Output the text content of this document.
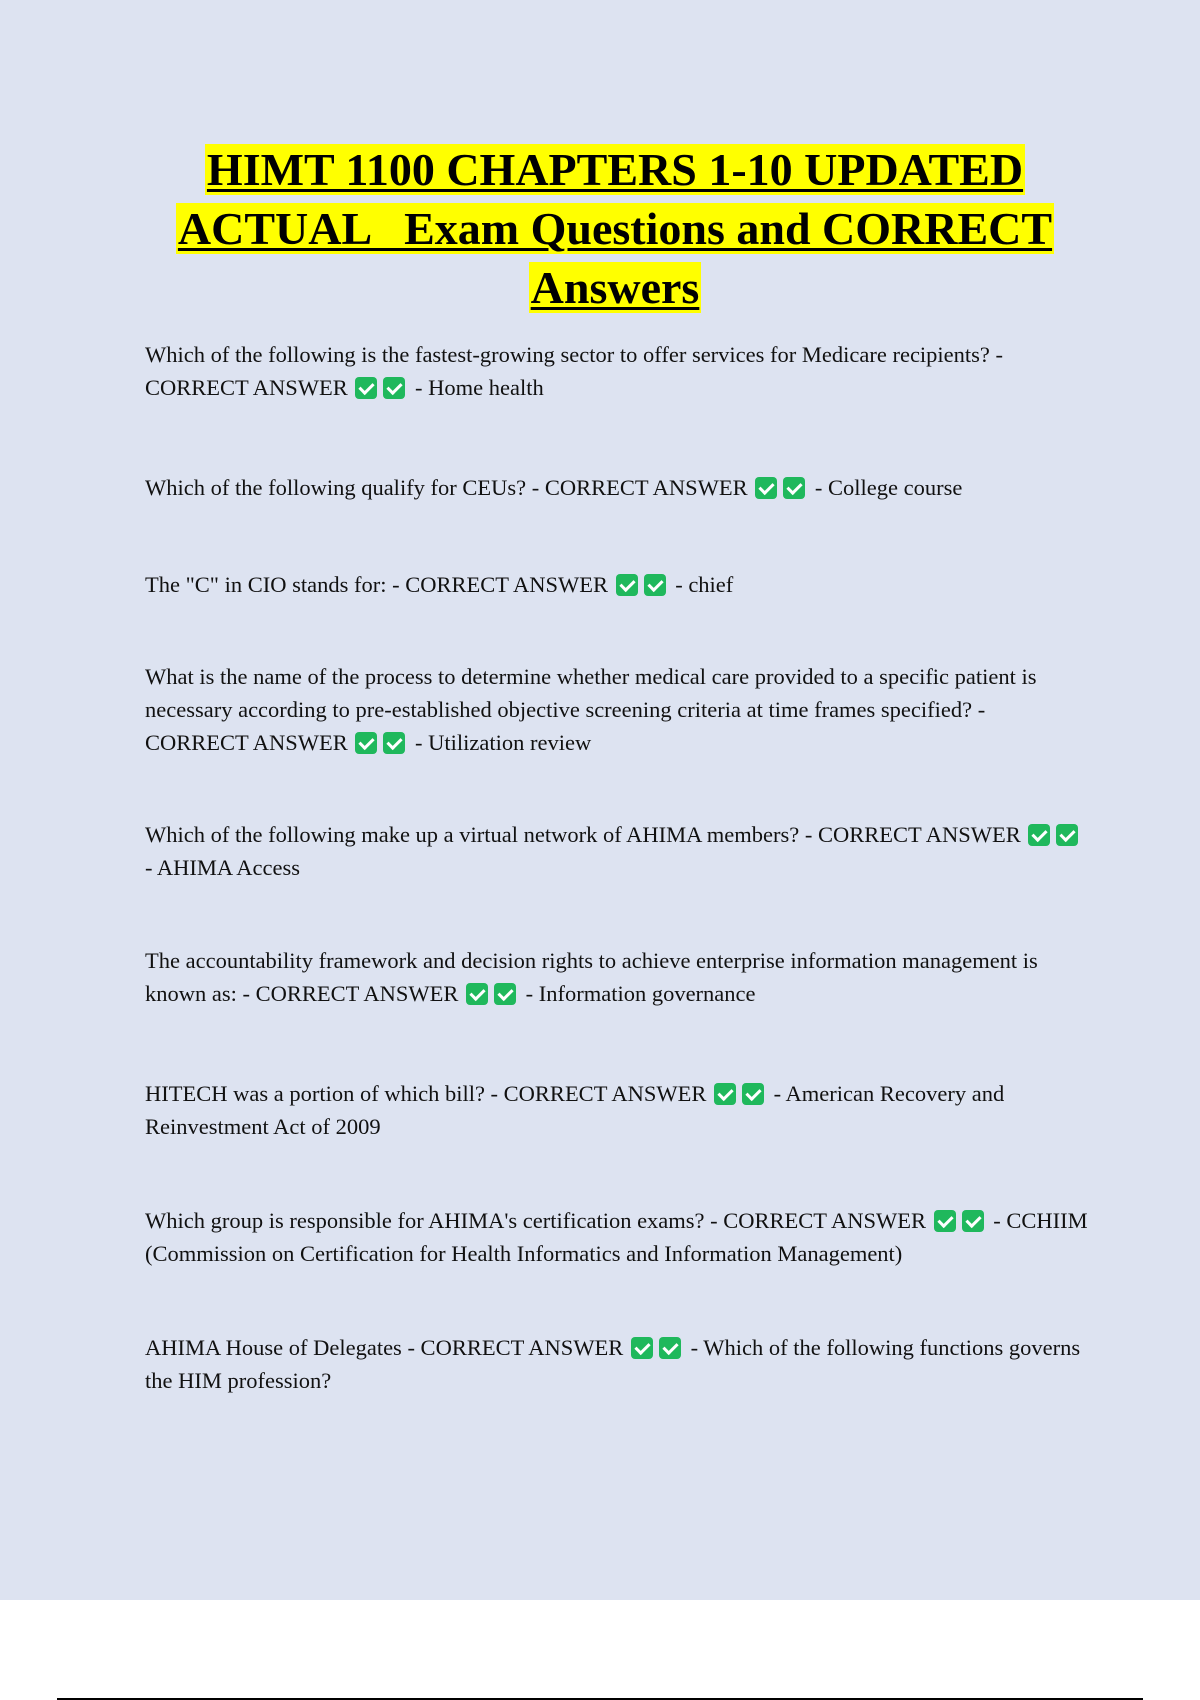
HIMT 1100 CHAPTERS 1-10 UPDATED
ACTUAL   Exam Questions and CORRECT
Answers
Which of the following is the fastest-growing sector to offer services for Medicare recipients? - CORRECT ANSWER	- Home health
Which of the following qualify for CEUs? - CORRECT ANSWER	- College course
The "C" in CIO stands for: - CORRECT ANSWER	- chief
What is the name of the process to determine whether medical care provided to a specific patient is necessary according to pre-established objective screening criteria at time frames specified? - CORRECT ANSWER	- Utilization review
Which of the following make up a virtual network of AHIMA members? - CORRECT ANSWER  - AHIMA Access
The accountability framework and decision rights to achieve enterprise information management is known as: - CORRECT ANSWER	- Information governance
HITECH was a portion of which bill? - CORRECT ANSWER	- American Recovery and Reinvestment Act of 2009
Which group is responsible for AHIMA's certification exams? - CORRECT ANSWER	- CCHIIM (Commission on Certification for Health Informatics and Information Management)
AHIMA House of Delegates - CORRECT ANSWER	- Which of the following functions governs the HIM profession?
